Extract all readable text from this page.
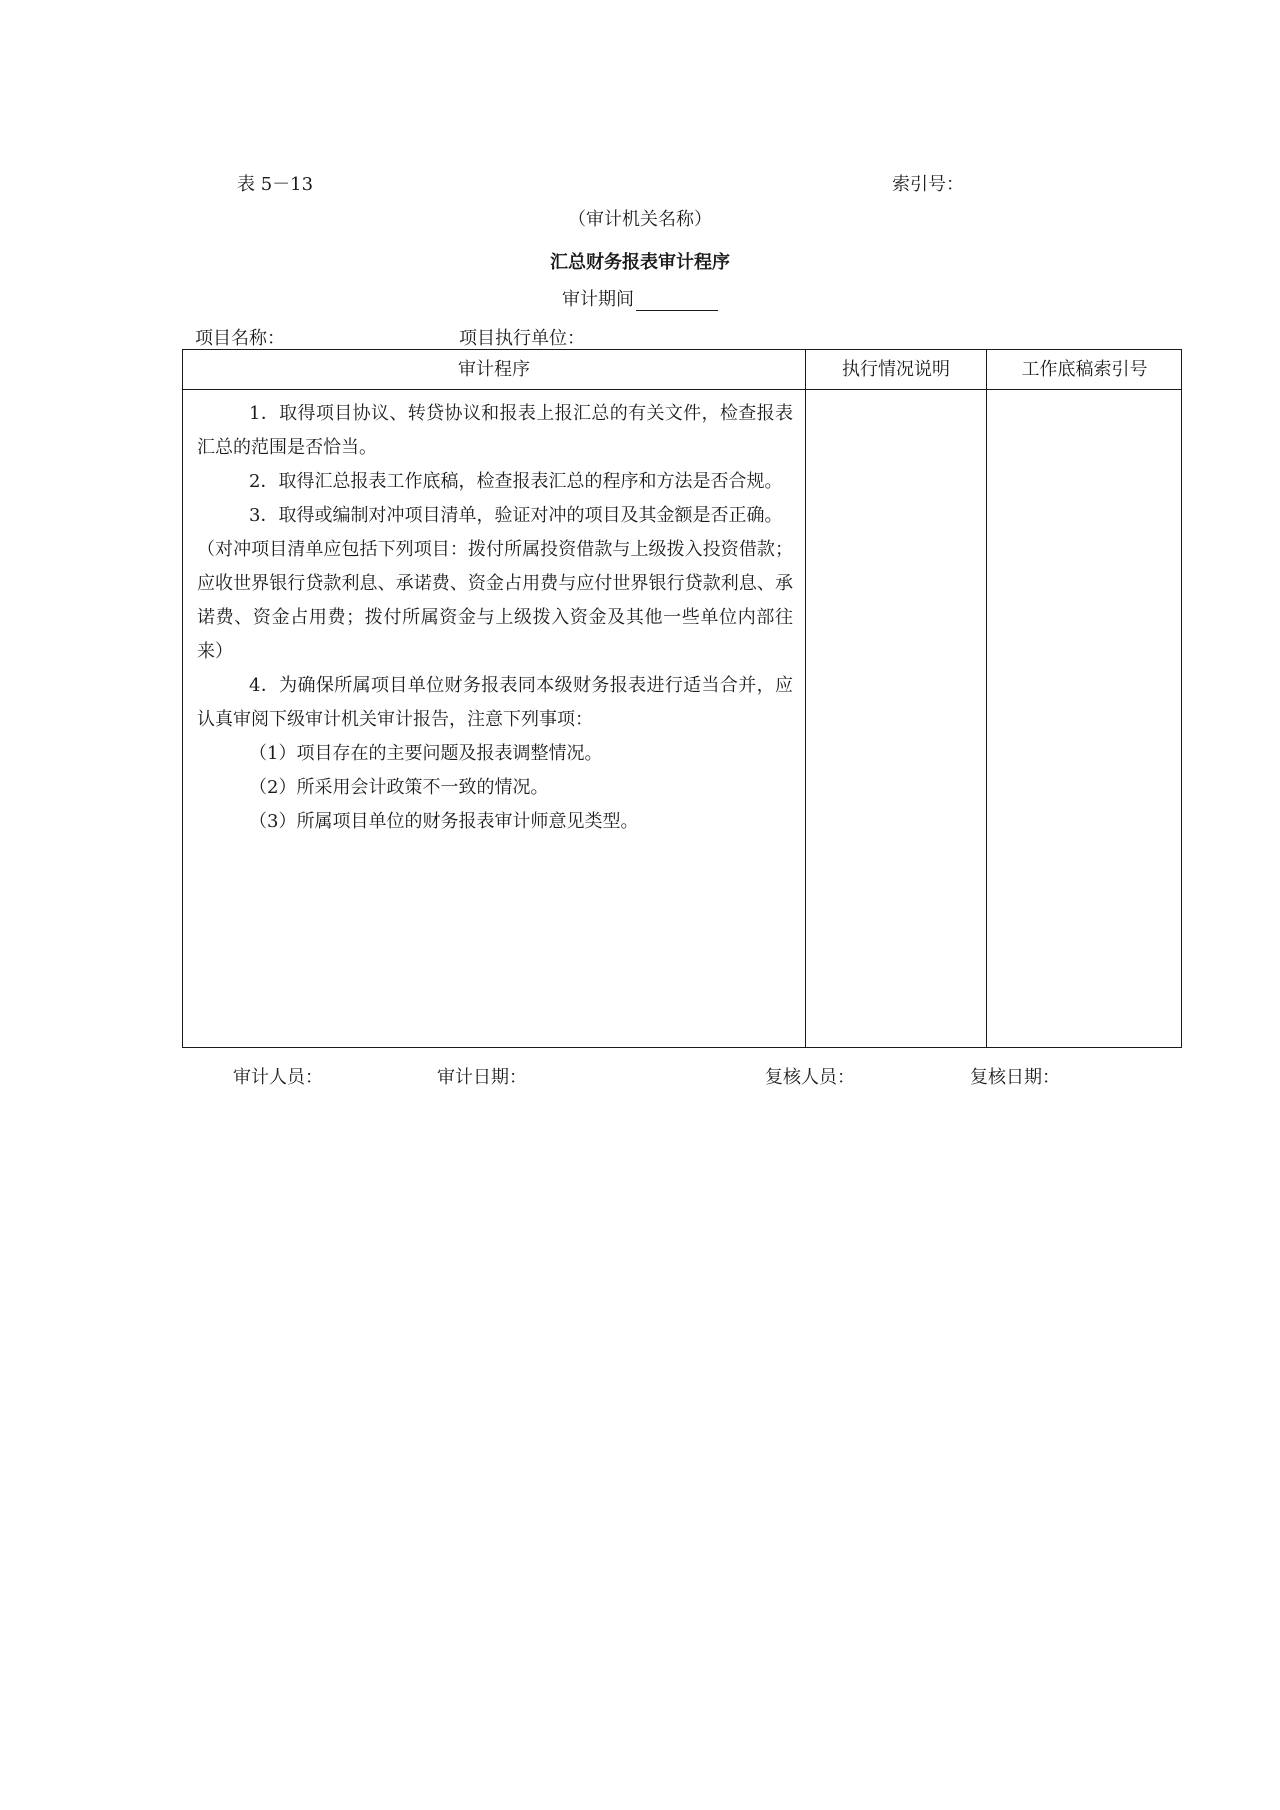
表 5－13	索引号：
（审计机关名称）
汇总财务报表审计程序
审计期间
项目名称：	项目执行单位：
审计程序	执行情况说明	工作底稿索引号

1．取得项目协议、转贷协议和报表上报汇总的有关文件，检查报表汇总的范围是否恰当。

2．取得汇总报表工作底稿，检查报表汇总的程序和方法是否合规。

3．取得或编制对冲项目清单，验证对冲的项目及其金额是否正确。

（对冲项目清单应包括下列项目：拨付所属投资借款与上级拨入投资借款；应收世界银行贷款利息、承诺费、资金占用费与应付世界银行贷款利息、承诺费、资金占用费；拨付所属资金与上级拨入资金及其他一些单位内部往来）

4．为确保所属项目单位财务报表同本级财务报表进行适当合并，应认真审阅下级审计机关审计报告，注意下列事项：

（1）项目存在的主要问题及报表调整情况。

（2）所采用会计政策不一致的情况。

（3）所属项目单位的财务报表审计师意见类型。

审计人员：	审计日期：	复核人员：	复核日期：
